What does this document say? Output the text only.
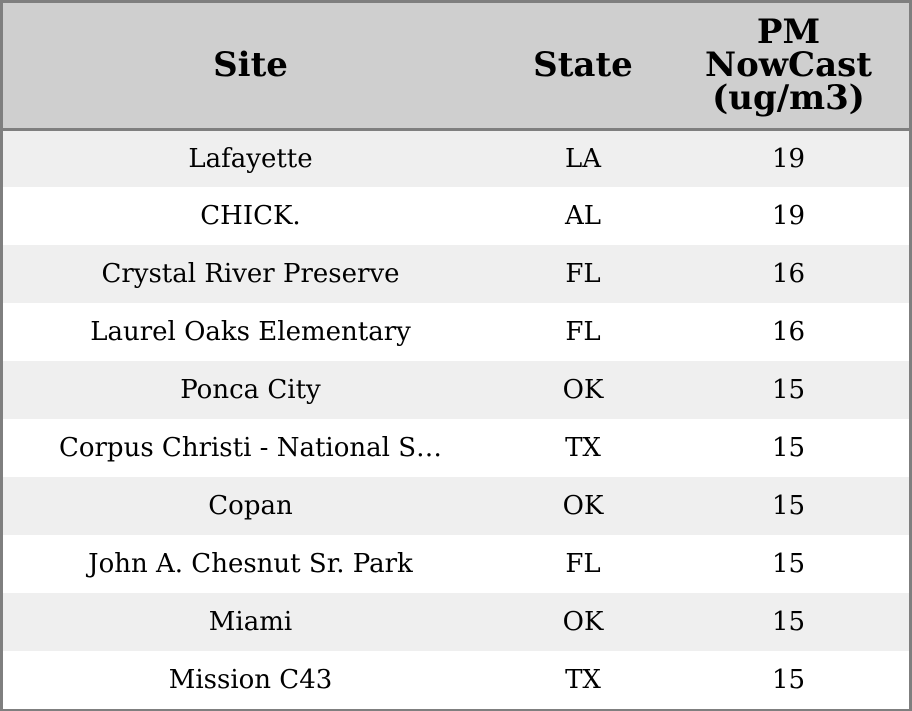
Site	State	PM
NowCast
(ug/m3)
Lafayette	LA	19
CHICK.	AL	19
Crystal River Preserve	FL	16
Laurel Oaks Elementary	FL	16
Ponca City	OK	15
Corpus Christi - National S…	TX	15
Copan	OK	15
John A. Chesnut Sr. Park	FL	15
Miami	OK	15
Mission C43	TX	15
